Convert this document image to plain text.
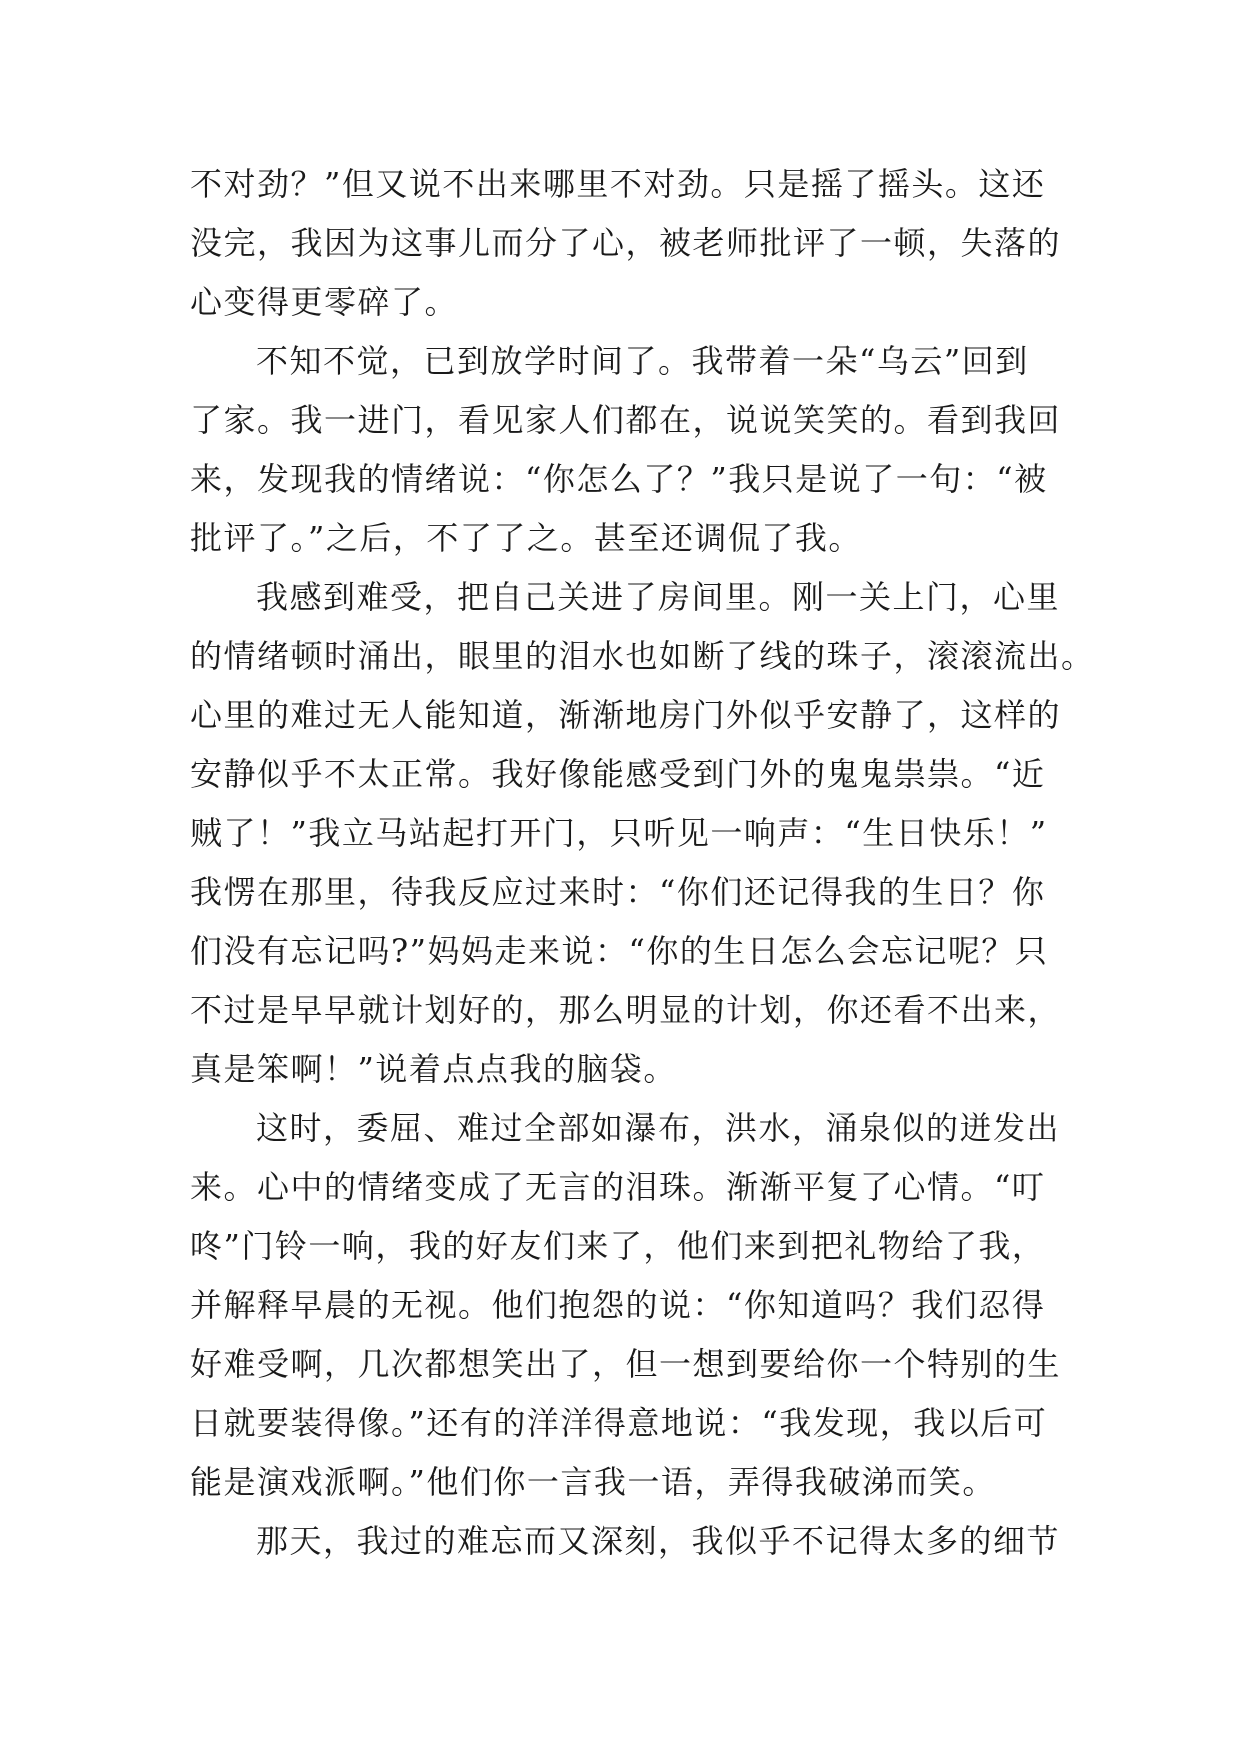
不对劲？”但又说不出来哪里不对劲。只是摇了摇头。这还
没完，我因为这事儿而分了心，被老师批评了一顿，失落的
心变得更零碎了。
不知不觉，已到放学时间了。我带着一朵“乌云”回到
了家。我一进门，看见家人们都在，说说笑笑的。看到我回
来，发现我的情绪说：“你怎么了？”我只是说了一句：“被
批评了。”之后，不了了之。甚至还调侃了我。
我感到难受，把自己关进了房间里。刚一关上门，心里
的情绪顿时涌出，眼里的泪水也如断了线的珠子，滚滚流出。
心里的难过无人能知道，渐渐地房门外似乎安静了，这样的
安静似乎不太正常。我好像能感受到门外的鬼鬼祟祟。“近
贼了！”我立马站起打开门，只听见一响声：“生日快乐！”
我愣在那里，待我反应过来时：“你们还记得我的生日？你
们没有忘记吗?”妈妈走来说：“你的生日怎么会忘记呢？只
不过是早早就计划好的，那么明显的计划，你还看不出来，
真是笨啊！”说着点点我的脑袋。
这时，委屈、难过全部如瀑布，洪水，涌泉似的迸发出
来。心中的情绪变成了无言的泪珠。渐渐平复了心情。“叮
咚”门铃一响，我的好友们来了，他们来到把礼物给了我，
并解释早晨的无视。他们抱怨的说：“你知道吗？我们忍得
好难受啊，几次都想笑出了，但一想到要给你一个特别的生
日就要装得像。”还有的洋洋得意地说：“我发现，我以后可
能是演戏派啊。”他们你一言我一语，弄得我破涕而笑。
那天，我过的难忘而又深刻，我似乎不记得太多的细节
